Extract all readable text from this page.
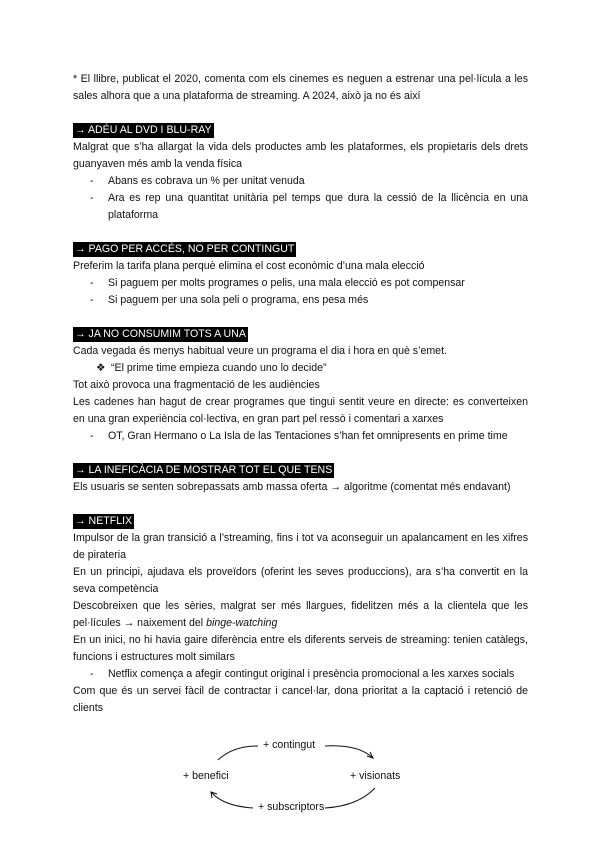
* El llibre, publicat el 2020, comenta com els cinemes es neguen a estrenar una pel·lícula a les sales alhora que a una plataforma de streaming. A 2024, això ja no és així

→ ADÉU AL DVD I BLU-RAY

Malgrat que s’ha allargat la vida dels productes amb les plataformes, els propietaris dels drets guanyaven més amb la venda física

- Abans es cobrava un % per unitat venuda
- Ara es rep una quantitat unitària pel temps que dura la cessió de la llicència en una plataforma
→ PAGO PER ACCÉS, NO PER CONTINGUT

Preferim la tarifa plana perquè elimina el cost econòmic d’una mala elecció

- Si paguem per molts programes o pelis, una mala elecció es pot compensar
- Si paguem per una sola peli o programa, ens pesa més
→ JA NO CONSUMIM TOTS A UNA

Cada vegada és menys habitual veure un programa el dia i hora en què s’emet.

❖ “El prime time empieza cuando uno lo decide”

Tot això provoca una fragmentació de les audiències

Les cadenes han hagut de crear programes que tingui sentit veure en directe: es converteixen en una gran experiència col·lectiva, en gran part pel ressò i comentari a xarxes

- OT, Gran Hermano o La Isla de las Tentaciones s’han fet omnipresents en prime time
→ LA INEFICÀCIA DE MOSTRAR TOT EL QUE TENS

Els usuaris se senten sobrepassats amb massa oferta → algoritme (comentat més endavant)

→ NETFLIX

Impulsor de la gran transició a l’streaming, fins i tot va aconseguir un apalancament en les xifres de pirateria

En un principi, ajudava els proveïdors (oferint les seves produccions), ara s’ha convertit en la seva competència

Descobreixen que les sèries, malgrat ser més llargues, fidelitzen més a la clientela que les pel·lícules → naixement del binge-watching

En un inici, no hi havia gaire diferència entre els diferents serveis de streaming: tenien catàlegs, funcions i estructures molt similars

- Netflix comença a afegir contingut original i presència promocional a les xarxes socials

Com que és un servei fàcil de contractar i cancel·lar, dona prioritat a la captació i retenció de clients

+ contingut
+ visionats
+ subscriptors
+ benefici
